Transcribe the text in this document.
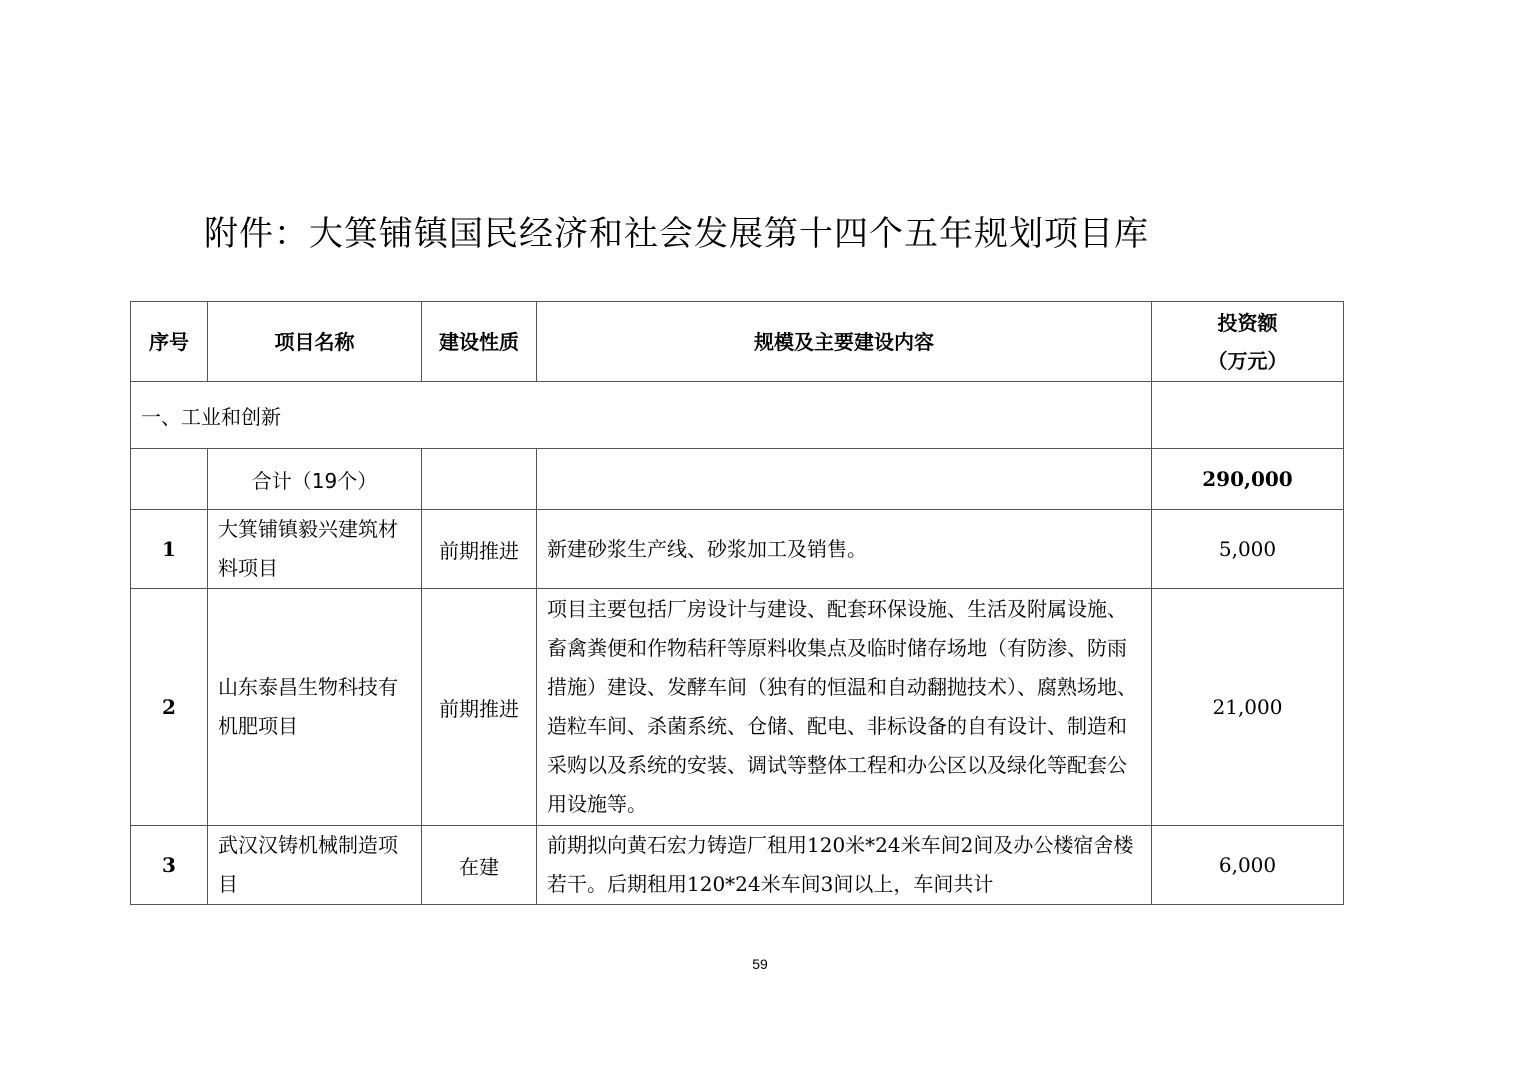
附件：大箕铺镇国民经济和社会发展第十四个五年规划项目库
序号	项目名称	建设性质	规模及主要建设内容	投资额
（万元）

一、工业和创新				
	合计（19个）			290,000
1	大箕铺镇毅兴建筑材料项目	前期推进	新建砂浆生产线、砂浆加工及销售。	5,000
2	山东泰昌生物科技有机肥项目	前期推进	项目主要包括厂房设计与建设、配套环保设施、生活及附属设施、畜禽粪便和作物秸秆等原料收集点及临时储存场地（有防渗、防雨措施）建设、发酵车间（独有的恒温和自动翻抛技术）、腐熟场地、造粒车间、杀菌系统、仓储、配电、非标设备的自有设计、制造和采购以及系统的安装、调试等整体工程和办公区以及绿化等配套公用设施等。	21,000
3	武汉汉铸机械制造项目	在建	前期拟向黄石宏力铸造厂租用120米*24米车间2间及办公楼宿舍楼若干。后期租用120*24米车间3间以上，车间共计	6,000
59
